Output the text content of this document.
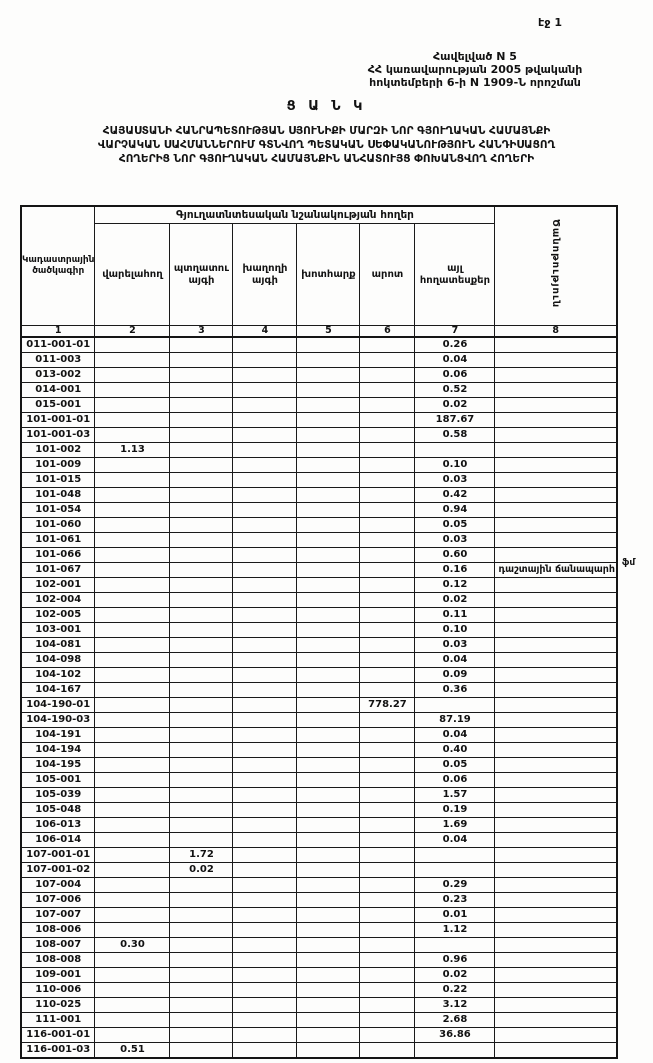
էջ 1
Հավելված N 5
ՀՀ կառավարության 2005 թվականի
հոկտեմբերի 6-ի N 1909-Ն որոշման
Ց Ա Ն Կ
ՀԱՅԱՍՏԱՆԻ ՀԱՆՐԱՊԵՏՈՒԹՅԱՆ ՍՅՈՒՆԻՔԻ ՄԱՐԶԻ ՆՈՐ ԳՅՈՒՂԱԿԱՆ ՀԱՄԱՅՆՔԻ
ՎԱՐՉԱԿԱՆ ՍԱՀՄԱՆՆԵՐՈՒՄ ԳՏՆՎՈՂ ՊԵՏԱԿԱՆ ՍԵՓԱԿԱՆՈՒԹՅՈՒՆ ՀԱՆԴԻՍԱՑՈՂ
ՀՈՂԵՐԻՑ ՆՈՐ ԳՅՈՒՂԱԿԱՆ ՀԱՄԱՅՆՔԻՆ ԱՆՀԱՏՈՒՅՑ ՓՈԽԱՆՑՎՈՂ ՀՈՂԵՐԻ
Կադաստրային ծածկագիր	Գյուղատնտեսական նշանակության հողեր						Ծանոթություն
	վարելահող	պտղատու այգի	խաղողի այգի	խոտհարք	արոտ	այլ հողատեսքեր	
1	2	3	4	5	6	7	8
011-001-01						0.26	
011-003						0.04	
013-002						0.06	
014-001						0.52	
015-001						0.02	
101-001-01						187.67	
101-001-03						0.58	
101-002	1.13						
101-009						0.10	
101-015						0.03	
101-048						0.42	
101-054						0.94	
101-060						0.05	
101-061						0.03	
101-066						0.60	
101-067						0.16	դաշտային ճանապարհ
102-001						0.12	
102-004						0.02	
102-005						0.11	
103-001						0.10	
104-081						0.03	
104-098						0.04	
104-102						0.09	
104-167						0.36	
104-190-01					778.27		
104-190-03						87.19	
104-191						0.04	
104-194						0.40	
104-195						0.05	
105-001						0.06	
105-039						1.57	
105-048						0.19	
106-013						1.69	
106-014						0.04	
107-001-01		1.72					
107-001-02		0.02					
107-004						0.29	
107-006						0.23	
107-007						0.01	
108-006						1.12	
108-007	0.30						
108-008						0.96	
109-001						0.02	
110-006						0.22	
110-025						3.12	
111-001						2.68	
116-001-01						36.86	
116-001-03	0.51						
ֆմ
